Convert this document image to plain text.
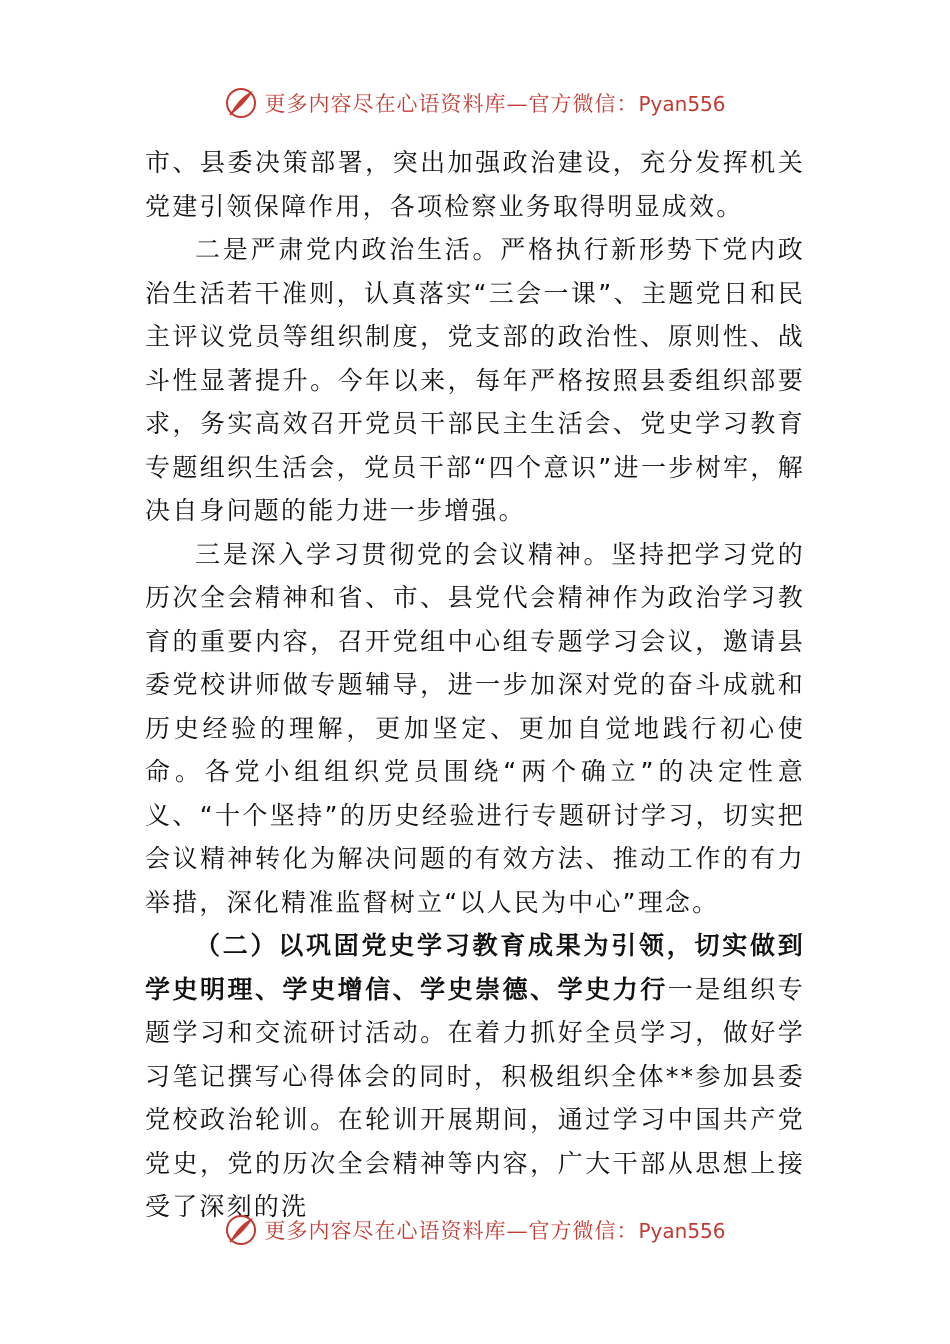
更多内容尽在心语资料库—官方微信：Pyan556

市、县委决策部署，突出加强政治建设，充分发挥机关党建引领保障作用，各项检察业务取得明显成效。

二是严肃党内政治生活。严格执行新形势下党内政治生活若干准则，认真落实“三会一课”、主题党日和民主评议党员等组织制度，党支部的政治性、原则性、战斗性显著提升。今年以来，每年严格按照县委组织部要求，务实高效召开党员干部民主生活会、党史学习教育专题组织生活会，党员干部“四个意识”进一步树牢，解决自身问题的能力进一步增强。

三是深入学习贯彻党的会议精神。坚持把学习党的历次全会精神和省、市、县党代会精神作为政治学习教育的重要内容，召开党组中心组专题学习会议，邀请县委党校讲师做专题辅导，进一步加深对党的奋斗成就和历史经验的理解，更加坚定、更加自觉地践行初心使命。各党小组组织党员围绕“两个确立”的决定性意义、“十个坚持”的历史经验进行专题研讨学习，切实把会议精神转化为解决问题的有效方法、推动工作的有力举措，深化精准监督树立“以人民为中心”理念。

（二）以巩固党史学习教育成果为引领，切实做到学史明理、学史增信、学史崇德、学史力行一是组织专题学习和交流研讨活动。在着力抓好全员学习，做好学习笔记撰写心得体会的同时，积极组织全体**参加县委党校政治轮训。在轮训开展期间，通过学习中国共产党党史，党的历次全会精神等内容，广大干部从思想上接受了深刻的洗

更多内容尽在心语资料库—官方微信：Pyan556
